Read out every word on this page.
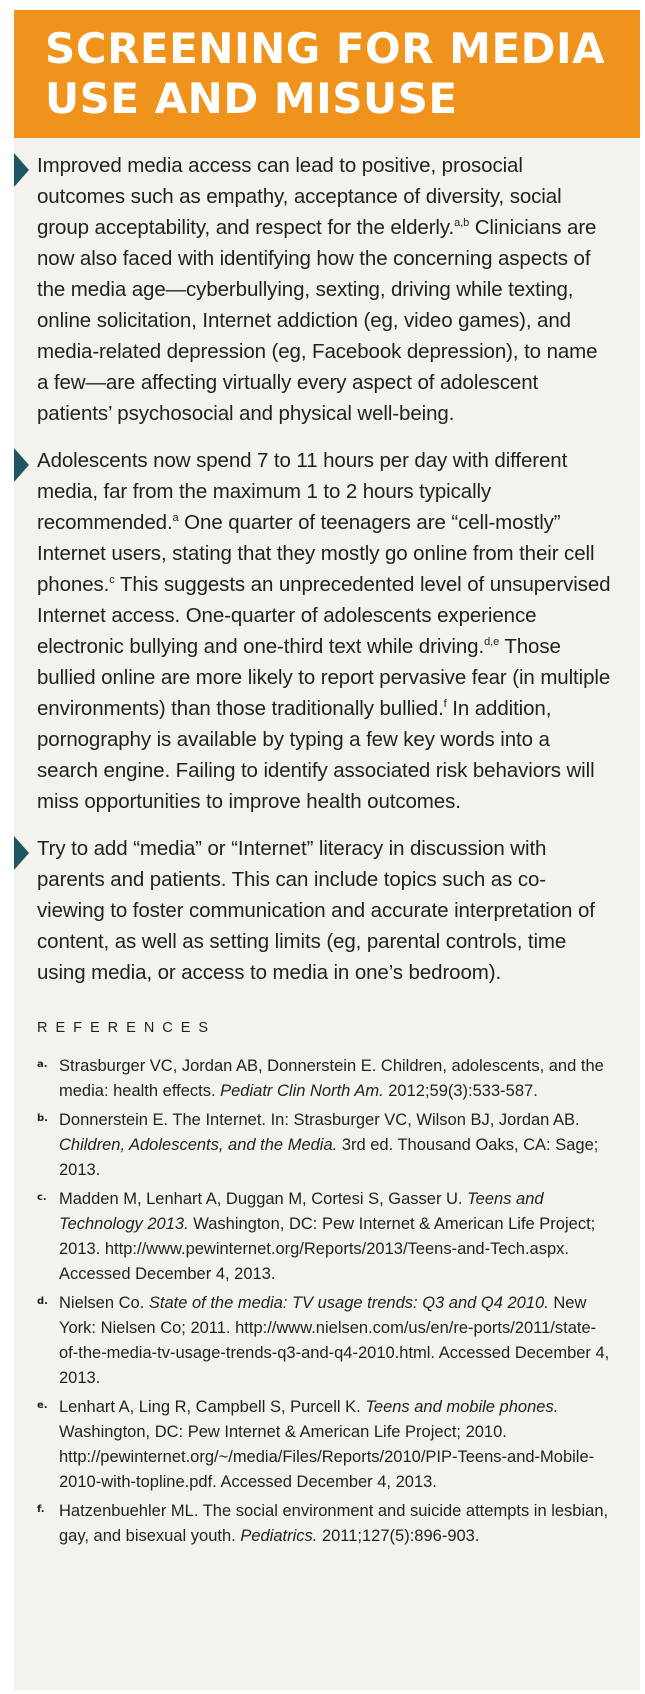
SCREENING FOR MEDIA
USE AND MISUSE

Improved media access can lead to positive, prosocial outcomes such as empathy, acceptance of diversity, social group acceptability, and respect for the elderly.$^{a,b}$ Clinicians are now also faced with identifying how the concerning aspects of the media age—cyberbullying, sexting, driving while texting, online solicitation, Internet addiction (eg, video games), and media-related depression (eg, Facebook depression), to name a few—are affecting virtually every aspect of adolescent patients’ psychosocial and physical well-being.

Adolescents now spend 7 to 11 hours per day with different media, far from the maximum 1 to 2 hours typically recommended.$^a$ One quarter of teenagers are “cell-mostly” Internet users, stating that they mostly go online from their cell phones.$^c$ This suggests an unprecedented level of unsupervised Internet access. One-quarter of adolescents experience electronic bullying and one-third text while driving.$^{d,e}$ Those bullied online are more likely to report pervasive fear (in multiple environments) than those traditionally bullied.$^f$ In addition, pornography is available by typing a few key words into a search engine. Failing to identify associated risk behaviors will miss opportunities to improve health outcomes.

Try to add “media” or “Internet” literacy in discussion with parents and patients. This can include topics such as co-viewing to foster communication and accurate interpretation of content, as well as setting limits (eg, parental controls, time using media, or access to media in one’s bedroom).

REFERENCES
a. Strasburger VC, Jordan AB, Donnerstein E. Children, adolescents, and the media: health effects. Pediatr Clin North Am. 2012;59(3):533-587.
b. Donnerstein E. The Internet. In: Strasburger VC, Wilson BJ, Jordan AB. Children, Adolescents, and the Media. 3rd ed. Thousand Oaks, CA: Sage; 2013.
c. Madden M, Lenhart A, Duggan M, Cortesi S, Gasser U. Teens and Technology 2013. Washington, DC: Pew Internet & American Life Project; 2013. http://www.pewinternet.org/Reports/2013/Teens-and-Tech.aspx. Accessed December 4, 2013.
d. Nielsen Co. State of the media: TV usage trends: Q3 and Q4 2010. New York: Nielsen Co; 2011. http://www.nielsen.com/us/en/re-ports/2011/state-of-the-media-tv-usage-trends-q3-and-q4-2010.html. Accessed December 4, 2013.
e. Lenhart A, Ling R, Campbell S, Purcell K. Teens and mobile phones. Washington, DC: Pew Internet & American Life Project; 2010. http://pewinternet.org/~/media/Files/Reports/2010/PIP-Teens-and-Mobile-2010-with-topline.pdf. Accessed December 4, 2013.
f. Hatzenbuehler ML. The social environment and suicide attempts in lesbian, gay, and bisexual youth. Pediatrics. 2011;127(5):896-903.
